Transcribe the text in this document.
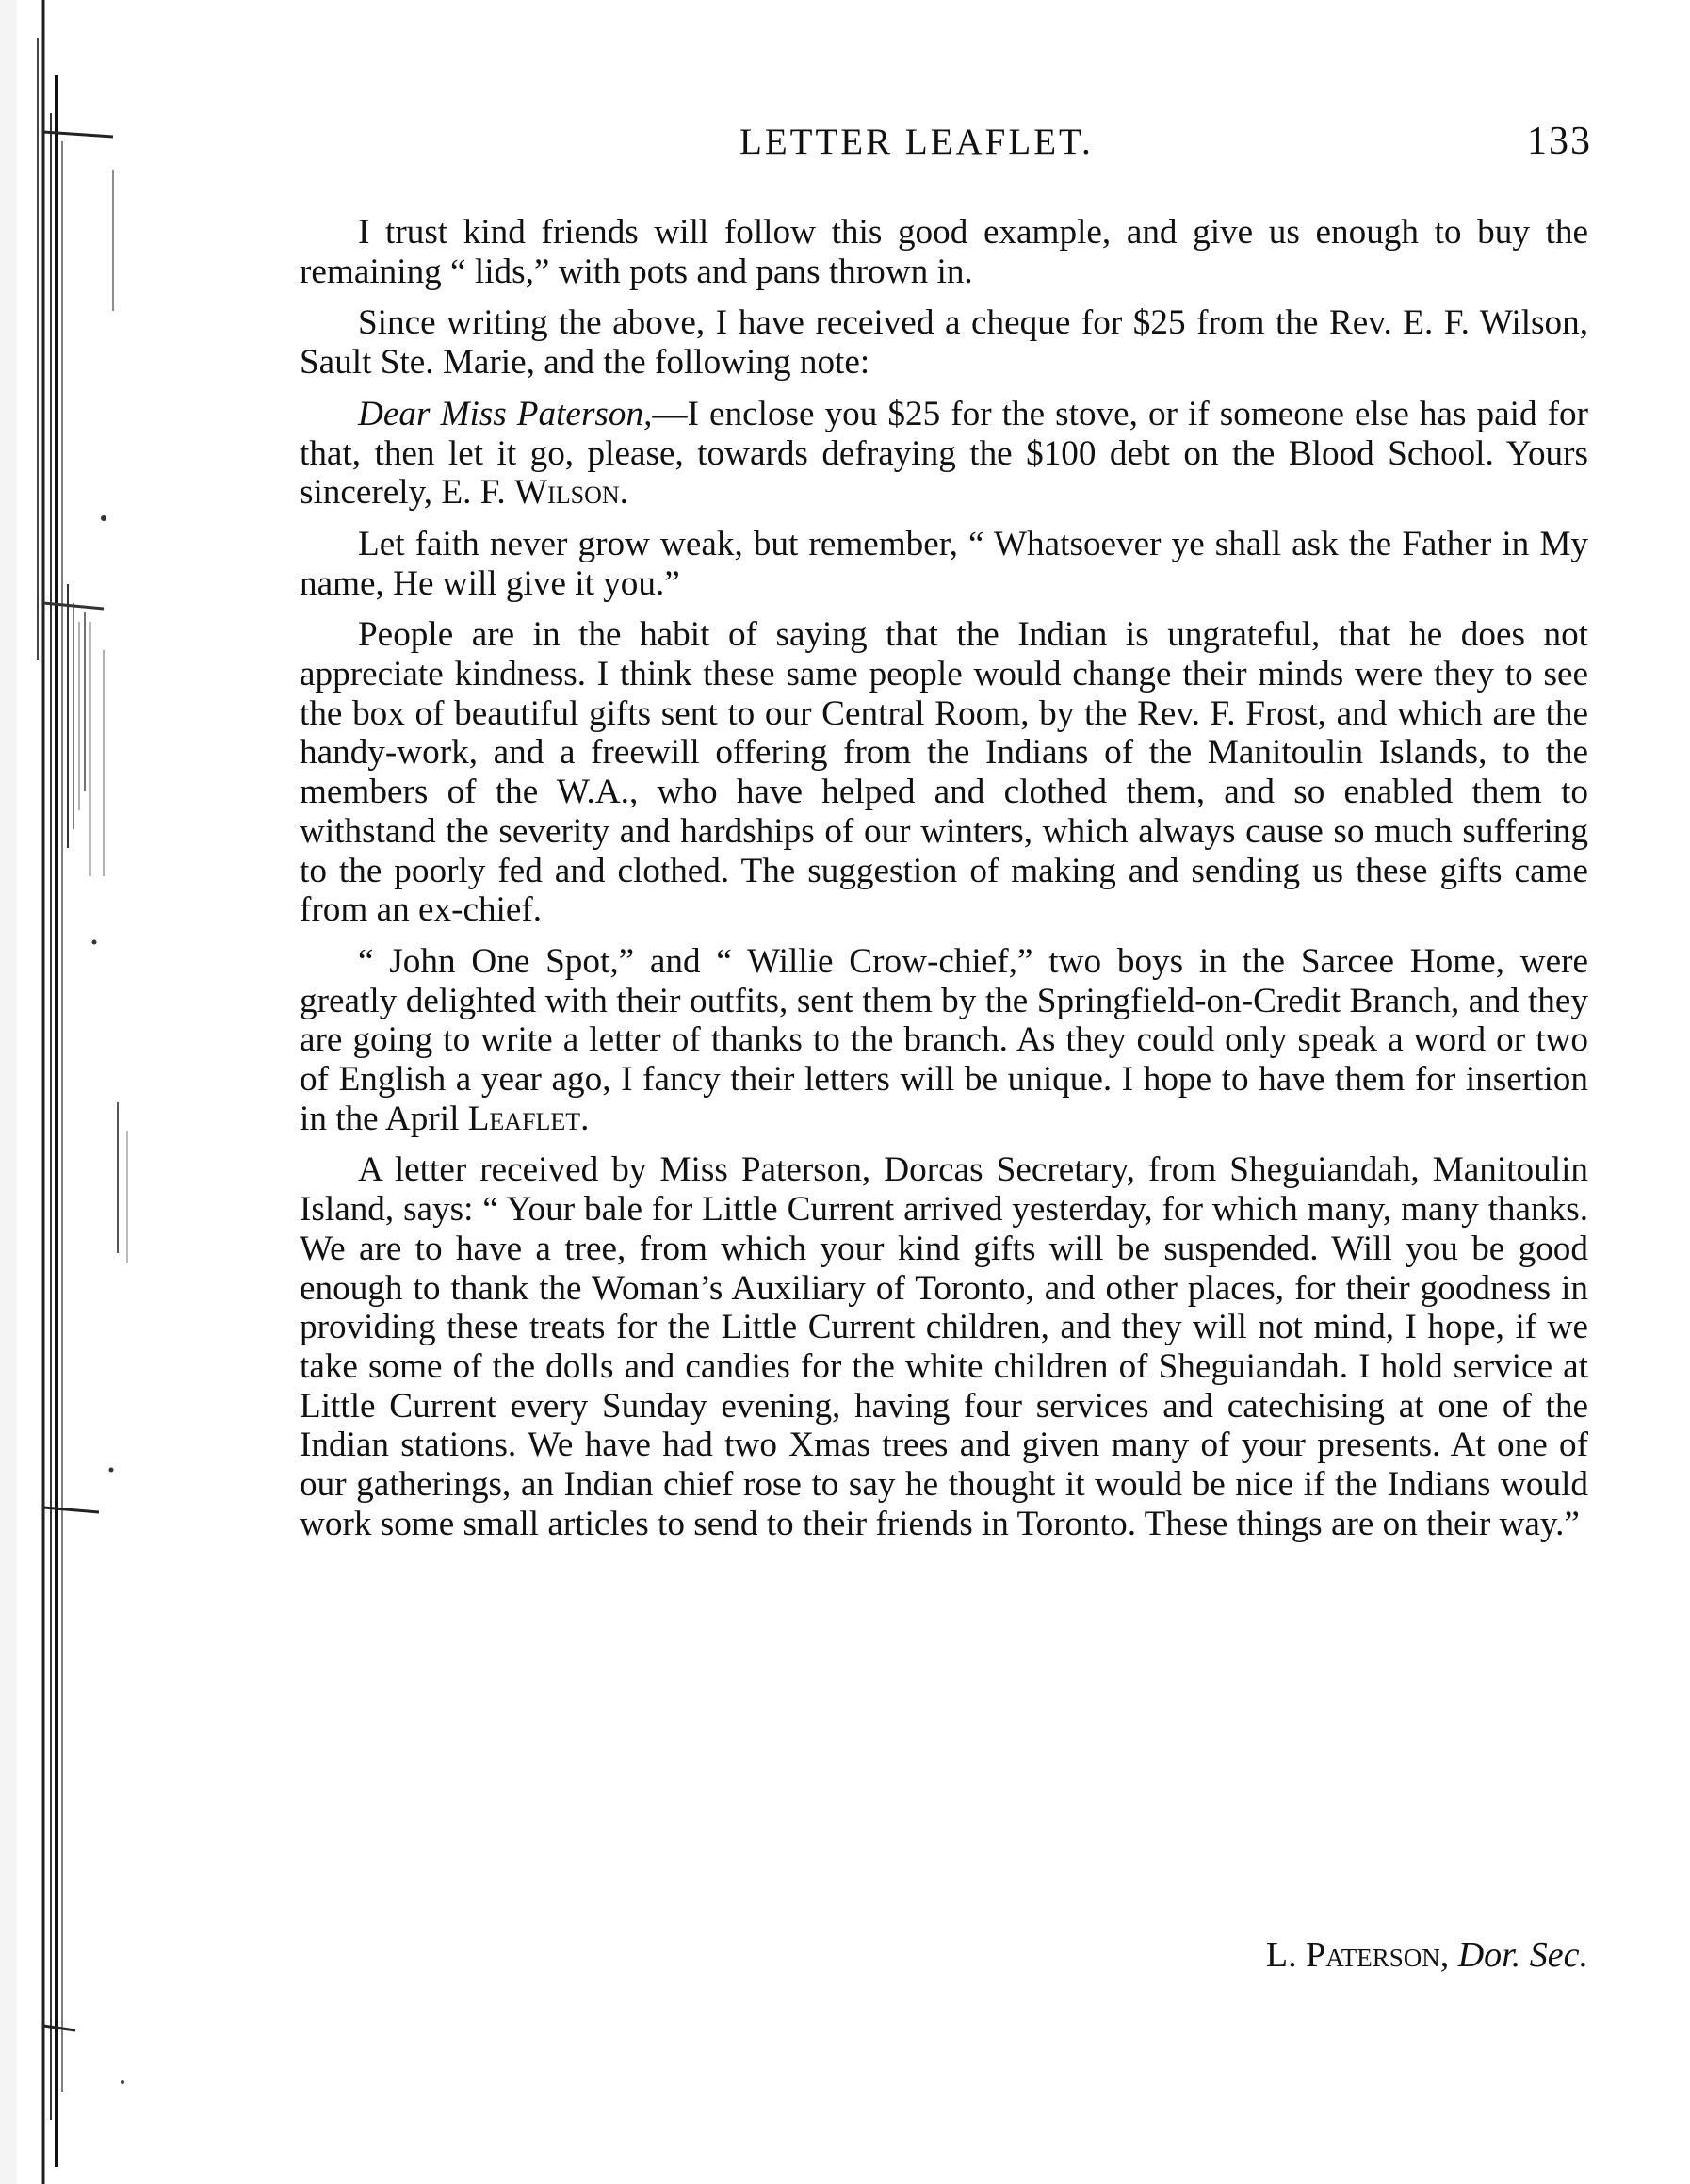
LETTER LEAFLET.	133

I trust kind friends will follow this good example, and give us enough to buy the remaining “ lids,” with pots and pans thrown in.

Since writing the above, I have received a cheque for $25 from the Rev. E. F. Wilson, Sault Ste. Marie, and the following note:

Dear Miss Paterson,—I enclose you $25 for the stove, or if someone else has paid for that, then let it go, please, towards defraying the $100 debt on the Blood School. Yours sincerely, E. F. Wilson.

Let faith never grow weak, but remember, “ Whatsoever ye shall ask the Father in My name, He will give it you.”

People are in the habit of saying that the Indian is ungrateful, that he does not appreciate kindness. I think these same people would change their minds were they to see the box of beautiful gifts sent to our Central Room, by the Rev. F. Frost, and which are the handy-work, and a freewill offering from the Indians of the Manitoulin Islands, to the members of the W.A., who have helped and clothed them, and so enabled them to withstand the severity and hardships of our winters, which always cause so much suffering to the poorly fed and clothed. The suggestion of making and sending us these gifts came from an ex-chief.

“ John One Spot,” and “ Willie Crow-chief,” two boys in the Sarcee Home, were greatly delighted with their outfits, sent them by the Springfield-on-Credit Branch, and they are going to write a letter of thanks to the branch. As they could only speak a word or two of English a year ago, I fancy their letters will be unique. I hope to have them for insertion in the April Leaflet.

A letter received by Miss Paterson, Dorcas Secretary, from Sheguiandah, Manitoulin Island, says: “ Your bale for Little Current arrived yesterday, for which many, many thanks. We are to have a tree, from which your kind gifts will be suspended. Will you be good enough to thank the Woman’s Auxiliary of Toronto, and other places, for their goodness in providing these treats for the Little Current children, and they will not mind, I hope, if we take some of the dolls and candies for the white children of Sheguiandah. I hold service at Little Current every Sunday evening, having four services and catechising at one of the Indian stations. We have had two Xmas trees and given many of your presents. At one of our gatherings, an Indian chief rose to say he thought it would be nice if the Indians would work some small articles to send to their friends in Toronto. These things are on their way.”

L. Paterson, Dor. Sec.
